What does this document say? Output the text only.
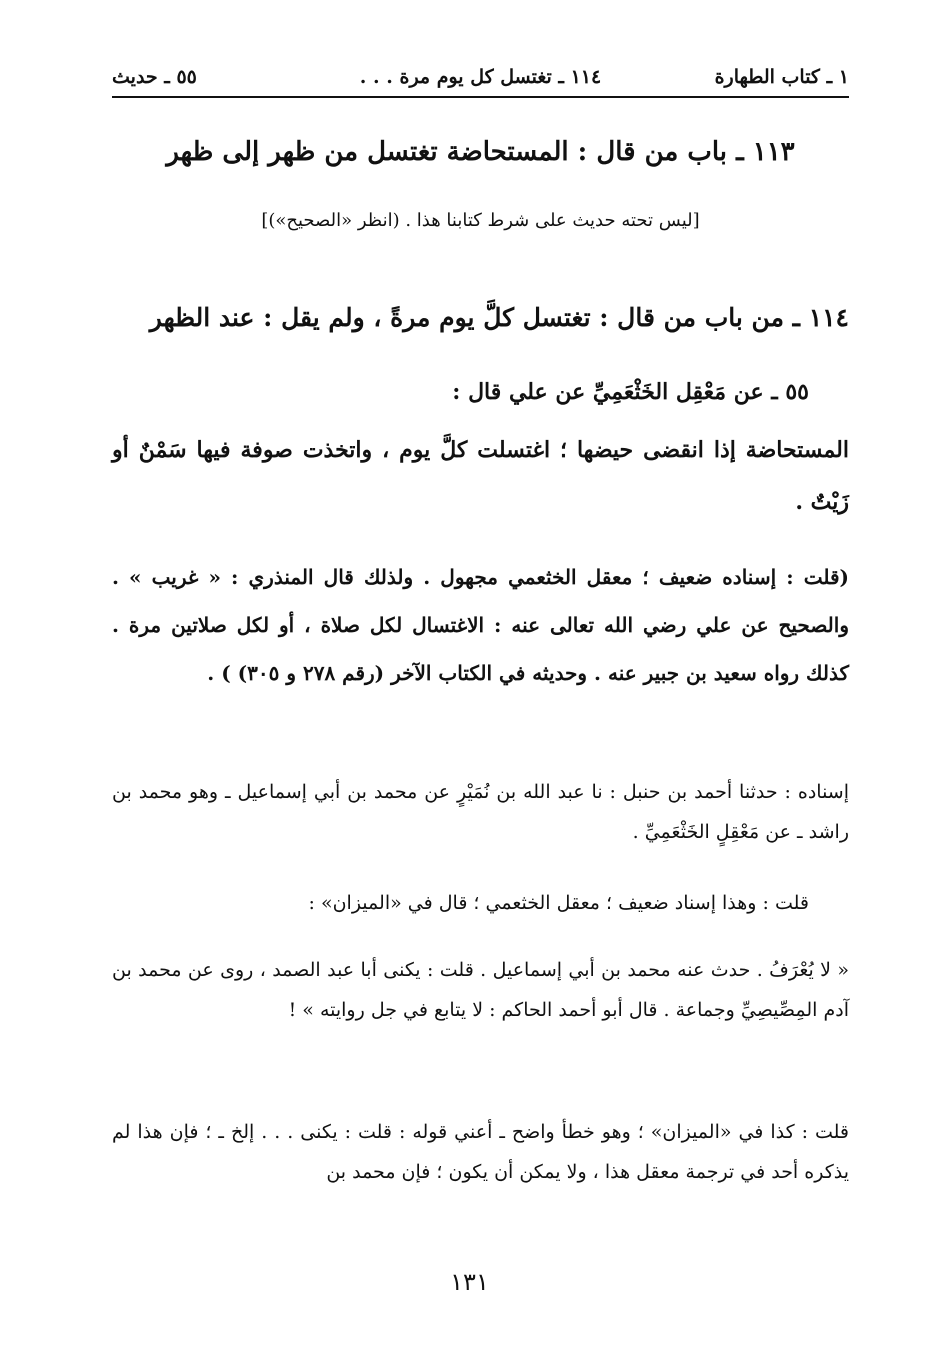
١ ـ كتاب الطهارة
١١٤ ـ تغتسل كل يوم مرة . . .
٥٥ ـ حديث
١١٣ ـ باب من قال : المستحاضة تغتسل من ظهر إلى ظهر
[ليس تحته حديث على شرط كتابنا هذا . (انظر «الصحيح»)]
١١٤ ـ من باب من قال : تغتسل كلَّ يوم مرةً ، ولم يقل : عند الظهر
٥٥ ـ عن مَعْقِل الخَثْعَمِيِّ عن علي قال :
المستحاضة إذا انقضى حيضها ؛ اغتسلت كلَّ يوم ، واتخذت صوفة فيها سَمْنٌ أو زَيْتٌ .
(قلت : إسناده ضعيف ؛ معقل الخثعمي مجهول . ولذلك قال المنذري : « غريب » . والصحيح عن علي رضي الله تعالى عنه : الاغتسال لكل صلاة ، أو لكل صلاتين مرة . كذلك رواه سعيد بن جبير عنه . وحديثه في الكتاب الآخر (رقم ٢٧٨ و ٣٠٥) ) .
إسناده : حدثنا أحمد بن حنبل : نا عبد الله بن نُمَيْرٍ عن محمد بن أبي إسماعيل ـ وهو محمد بن راشد ـ عن مَعْقِلٍ الخَثْعَمِيِّ .
قلت : وهذا إسناد ضعيف ؛ معقل الخثعمي ؛ قال في «الميزان» :
« لا يُعْرَفُ . حدث عنه محمد بن أبي إسماعيل . قلت : يكنى أبا عبد الصمد ، روى عن محمد بن آدم المِصِّيصِيِّ وجماعة . قال أبو أحمد الحاكم : لا يتابع في جل روايته » !
قلت : كذا في «الميزان» ؛ وهو خطأ واضح ـ أعني قوله : قلت : يكنى . . . إلخ ـ ؛ فإن هذا لم يذكره أحد في ترجمة معقل هذا ، ولا يمكن أن يكون ؛ فإن محمد بن
١٣١
